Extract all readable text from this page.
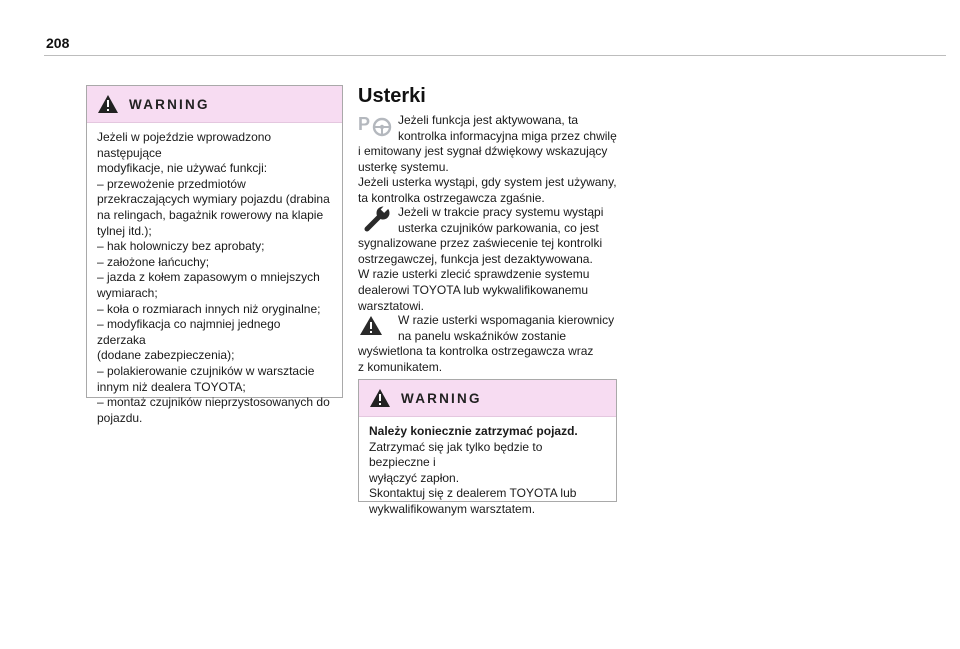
208
WARNING

Jeżeli w pojeździe wprowadzono następujące

modyfikacje, nie używać funkcji:

– przewożenie przedmiotów

przekraczających wymiary pojazdu (drabina

na relingach, bagażnik rowerowy na klapie

tylnej itd.);

– hak holowniczy bez aprobaty;

– założone łańcuchy;

– jazda z kołem zapasowym o mniejszych

wymiarach;

– koła o rozmiarach innych niż oryginalne;

– modyfikacja co najmniej jednego zderzaka

(dodane zabezpieczenia);

– polakierowanie czujników w warsztacie

innym niż dealera TOYOTA;

– montaż czujników nieprzystosowanych do

pojazdu.

Usterki
P	Jeżeli funkcja jest aktywowana, ta

kontrolka informacyjna miga przez chwilę

i emitowany jest sygnał dźwiękowy wskazujący

usterkę systemu.

Jeżeli usterka wystąpi, gdy system jest używany,

ta kontrolka ostrzegawcza zgaśnie.

Jeżeli w trakcie pracy systemu wystąpi

usterka czujników parkowania, co jest

sygnalizowane przez zaświecenie tej kontrolki

ostrzegawczej, funkcja jest dezaktywowana.

W razie usterki zlecić sprawdzenie systemu

dealerowi TOYOTA lub wykwalifikowanemu

warsztatowi.

W razie usterki wspomagania kierownicy

na panelu wskaźników zostanie

wyświetlona ta kontrolka ostrzegawcza wraz

z komunikatem.

WARNING

Należy koniecznie zatrzymać pojazd.

Zatrzymać się jak tylko będzie to bezpieczne i

wyłączyć zapłon.

Skontaktuj się z dealerem TOYOTA lub

wykwalifikowanym warsztatem.
